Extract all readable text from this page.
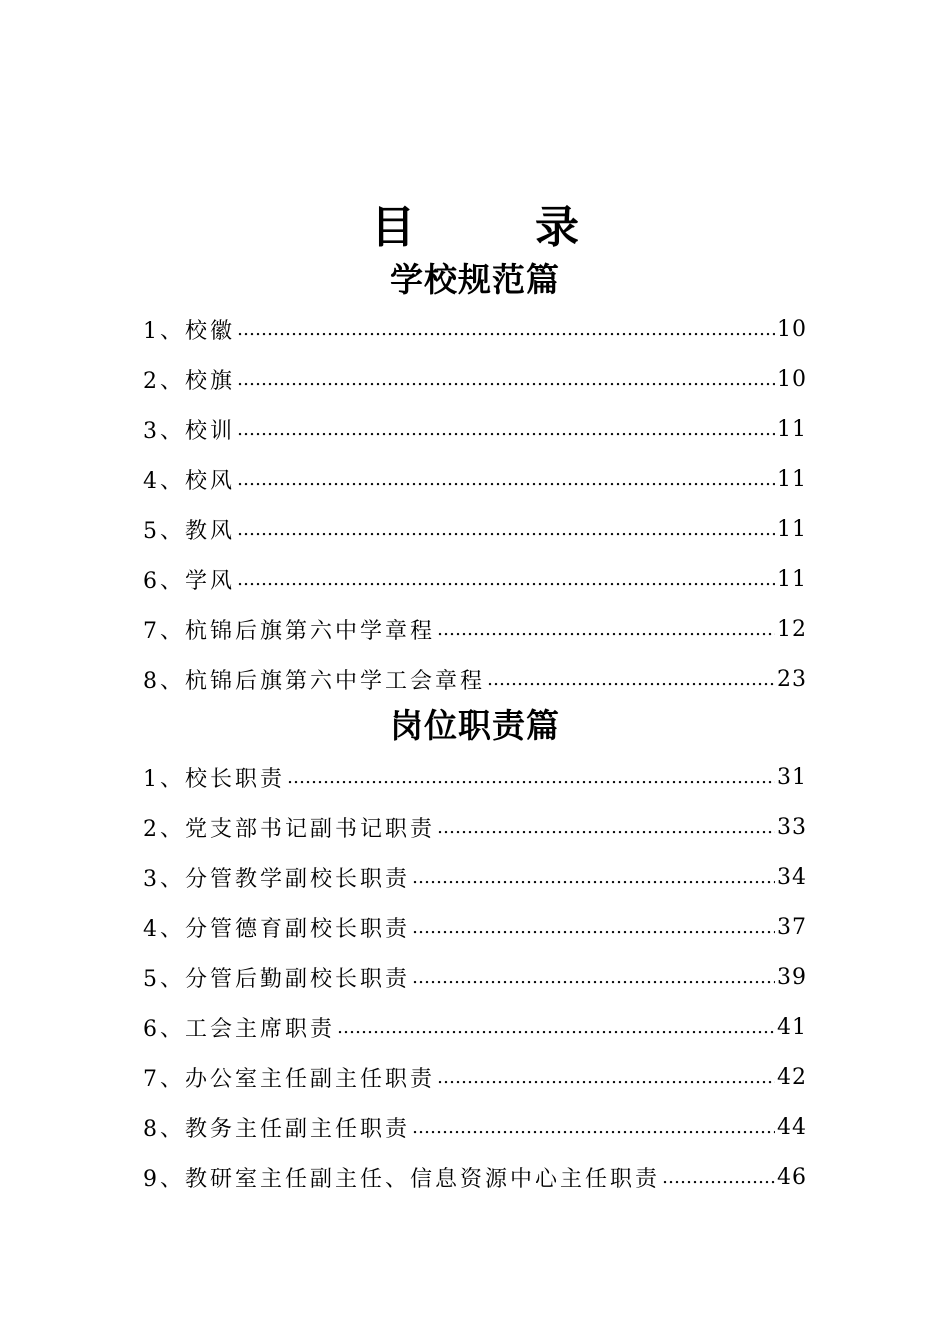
目	录
学校规范篇
1、 校徽 ……………………………………………………………………………………………………………………………………………………	10
2、 校旗 ……………………………………………………………………………………………………………………………………………………	10
3、 校训 ……………………………………………………………………………………………………………………………………………………	11
4、 校风 ……………………………………………………………………………………………………………………………………………………	11
5、 教风 ……………………………………………………………………………………………………………………………………………………	11
6、 学风 ……………………………………………………………………………………………………………………………………………………	11
7、 杭锦后旗第六中学章程 ……………………………………………………………………………………………………………………………………………………	12
8、 杭锦后旗第六中学工会章程 ……………………………………………………………………………………………………………………………………………………	23
岗位职责篇
1、 校长职责 ……………………………………………………………………………………………………………………………………………………	31
2、 党支部书记副书记职责 ……………………………………………………………………………………………………………………………………………………	33
3、 分管教学副校长职责 ……………………………………………………………………………………………………………………………………………………	34
4、 分管德育副校长职责 ……………………………………………………………………………………………………………………………………………………	37
5、 分管后勤副校长职责 ……………………………………………………………………………………………………………………………………………………	39
6、 工会主席职责 ……………………………………………………………………………………………………………………………………………………	41
7、 办公室主任副主任职责 ……………………………………………………………………………………………………………………………………………………	42
8、 教务主任副主任职责 ……………………………………………………………………………………………………………………………………………………	44
9、 教研室主任副主任、信息资源中心主任职责 ……………………………………………………………………………………………………………………………………………………	46
